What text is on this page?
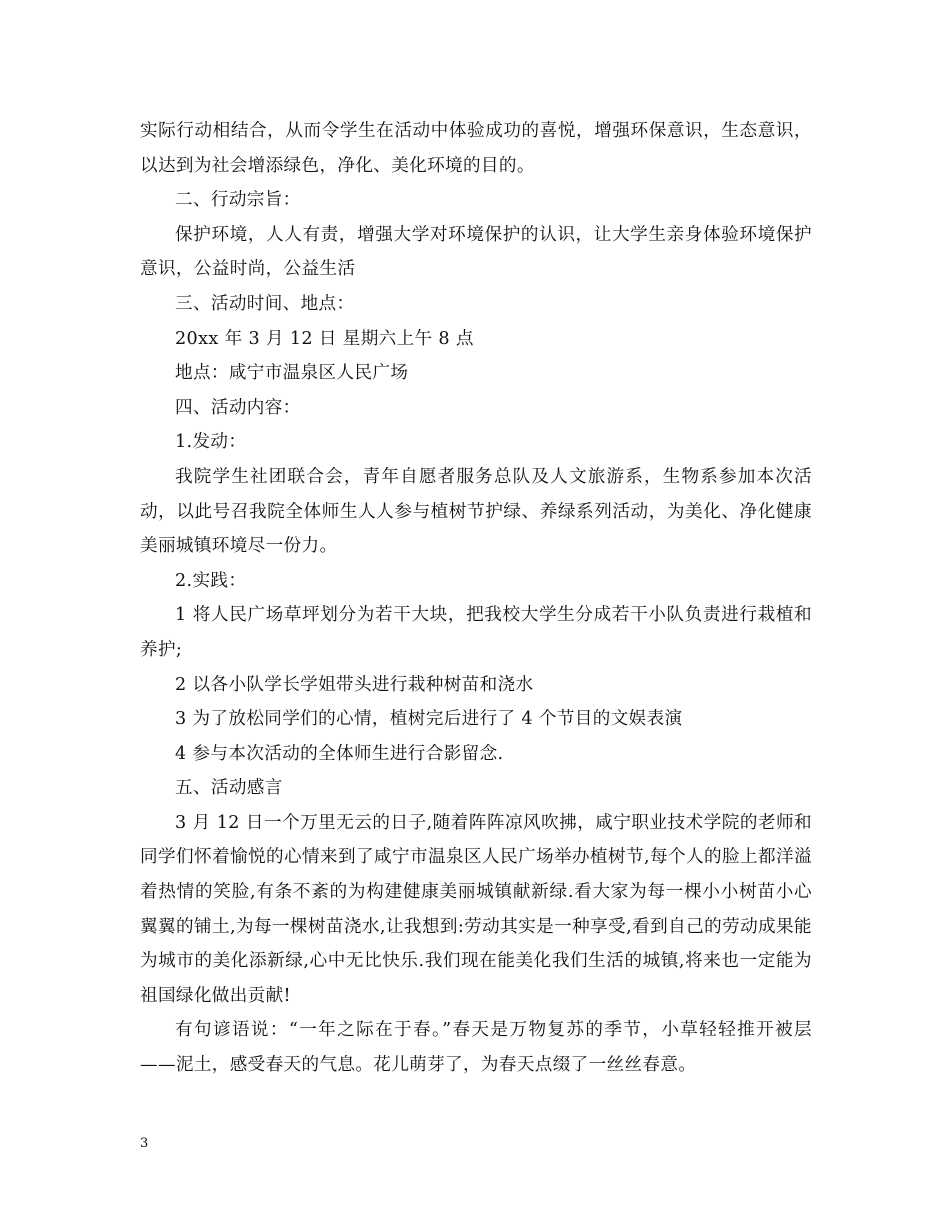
实际行动相结合，从而令学生在活动中体验成功的喜悦，增强环保意识，生态意识，以达到为社会增添绿色，净化、美化环境的目的。

二、行动宗旨：

保护环境，人人有责，增强大学对环境保护的认识，让大学生亲身体验环境保护意识，公益时尚，公益生活

三、活动时间、地点：

20xx 年 3 月 12 日 星期六上午 8 点

地点：咸宁市温泉区人民广场

四、活动内容：

1.发动：

我院学生社团联合会，青年自愿者服务总队及人文旅游系，生物系参加本次活动，以此号召我院全体师生人人参与植树节护绿、养绿系列活动，为美化、净化健康美丽城镇环境尽一份力。

2.实践：

1 将人民广场草坪划分为若干大块，把我校大学生分成若干小队负责进行栽植和养护;

2 以各小队学长学姐带头进行栽种树苗和浇水

3 为了放松同学们的心情，植树完后进行了 4 个节目的文娱表演

4 参与本次活动的全体师生进行合影留念.

五、活动感言

3 月 12 日一个万里无云的日子,随着阵阵凉风吹拂，咸宁职业技术学院的老师和同学们怀着愉悦的心情来到了咸宁市温泉区人民广场举办植树节,每个人的脸上都洋溢着热情的笑脸,有条不紊的为构建健康美丽城镇献新绿.看大家为每一棵小小树苗小心翼翼的铺土,为每一棵树苗浇水,让我想到:劳动其实是一种享受,看到自己的劳动成果能为城市的美化添新绿,心中无比快乐.我们现在能美化我们生活的城镇,将来也一定能为祖国绿化做出贡献!

有句谚语说：“一年之际在于春。”春天是万物复苏的季节，小草轻轻推开被层——泥土，感受春天的气息。花儿萌芽了，为春天点缀了一丝丝春意。

3
